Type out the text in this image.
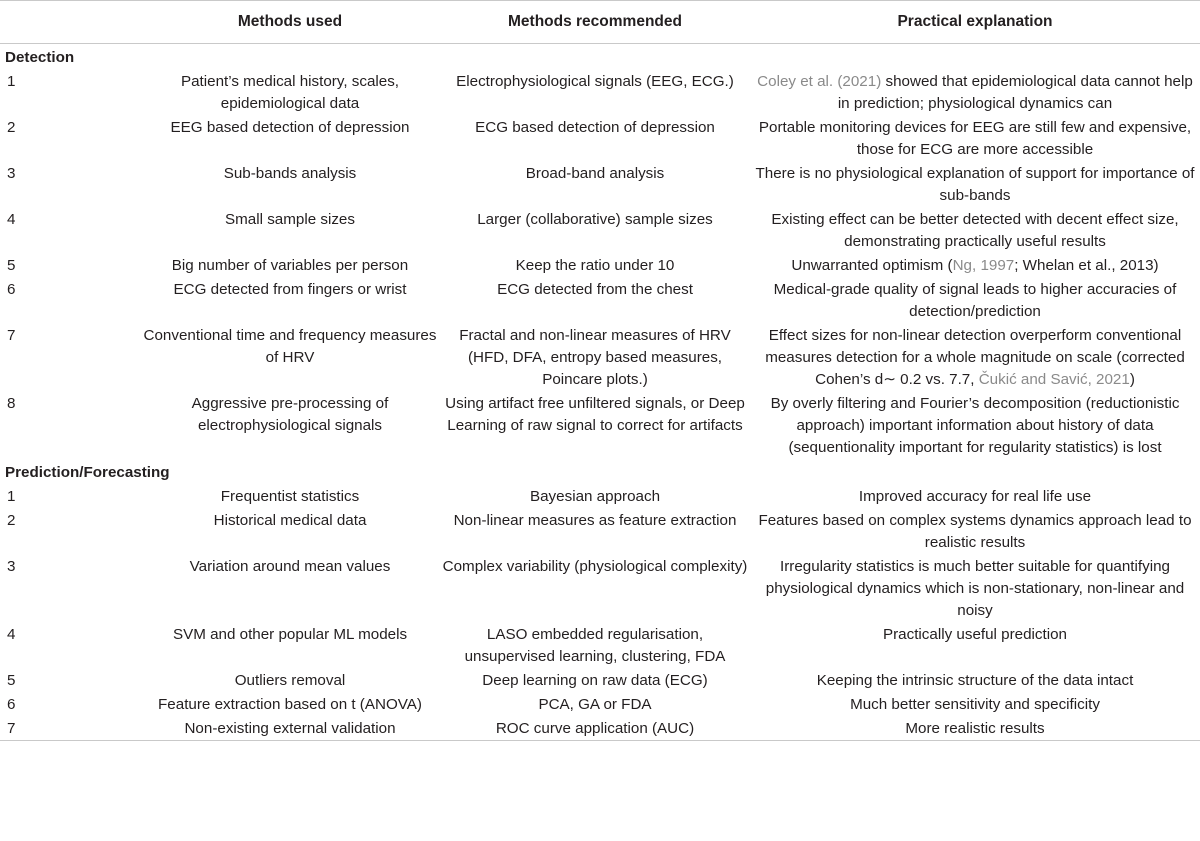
	Methods used	Methods recommended	Practical explanation
Detection			
1	Patient’s medical history, scales, epidemiological data	Electrophysiological signals (EEG, ECG.)	Coley et al. (2021) showed that epidemiological data cannot help in prediction; physiological dynamics can
2	EEG based detection of depression	ECG based detection of depression	Portable monitoring devices for EEG are still few and expensive, those for ECG are more accessible
3	Sub-bands analysis	Broad-band analysis	There is no physiological explanation of support for importance of sub-bands
4	Small sample sizes	Larger (collaborative) sample sizes	Existing effect can be better detected with decent effect size, demonstrating practically useful results
5	Big number of variables per person	Keep the ratio under 10	Unwarranted optimism (Ng, 1997; Whelan et al., 2013)
6	ECG detected from fingers or wrist	ECG detected from the chest	Medical-grade quality of signal leads to higher accuracies of detection/prediction
7	Conventional time and frequency measures of HRV	Fractal and non-linear measures of HRV (HFD, DFA, entropy based measures, Poincare plots.)	Effect sizes for non-linear detection overperform conventional measures detection for a whole magnitude on scale (corrected Cohen’s d∼ 0.2 vs. 7.7, Čukić and Savić, 2021)
8	Aggressive pre-processing of electrophysiological signals	Using artifact free unfiltered signals, or Deep Learning of raw signal to correct for artifacts	By overly filtering and Fourier’s decomposition (reductionistic approach) important information about history of data (sequentionality important for regularity statistics) is lost
Prediction/Forecasting			
1	Frequentist statistics	Bayesian approach	Improved accuracy for real life use
2	Historical medical data	Non-linear measures as feature extraction	Features based on complex systems dynamics approach lead to realistic results
3	Variation around mean values	Complex variability (physiological complexity)	Irregularity statistics is much better suitable for quantifying physiological dynamics which is non-stationary, non-linear and noisy
4	SVM and other popular ML models	LASO embedded regularisation, unsupervised learning, clustering, FDA	Practically useful prediction
5	Outliers removal	Deep learning on raw data (ECG)	Keeping the intrinsic structure of the data intact
6	Feature extraction based on t (ANOVA)	PCA, GA or FDA	Much better sensitivity and specificity
7	Non-existing external validation	ROC curve application (AUC)	More realistic results
